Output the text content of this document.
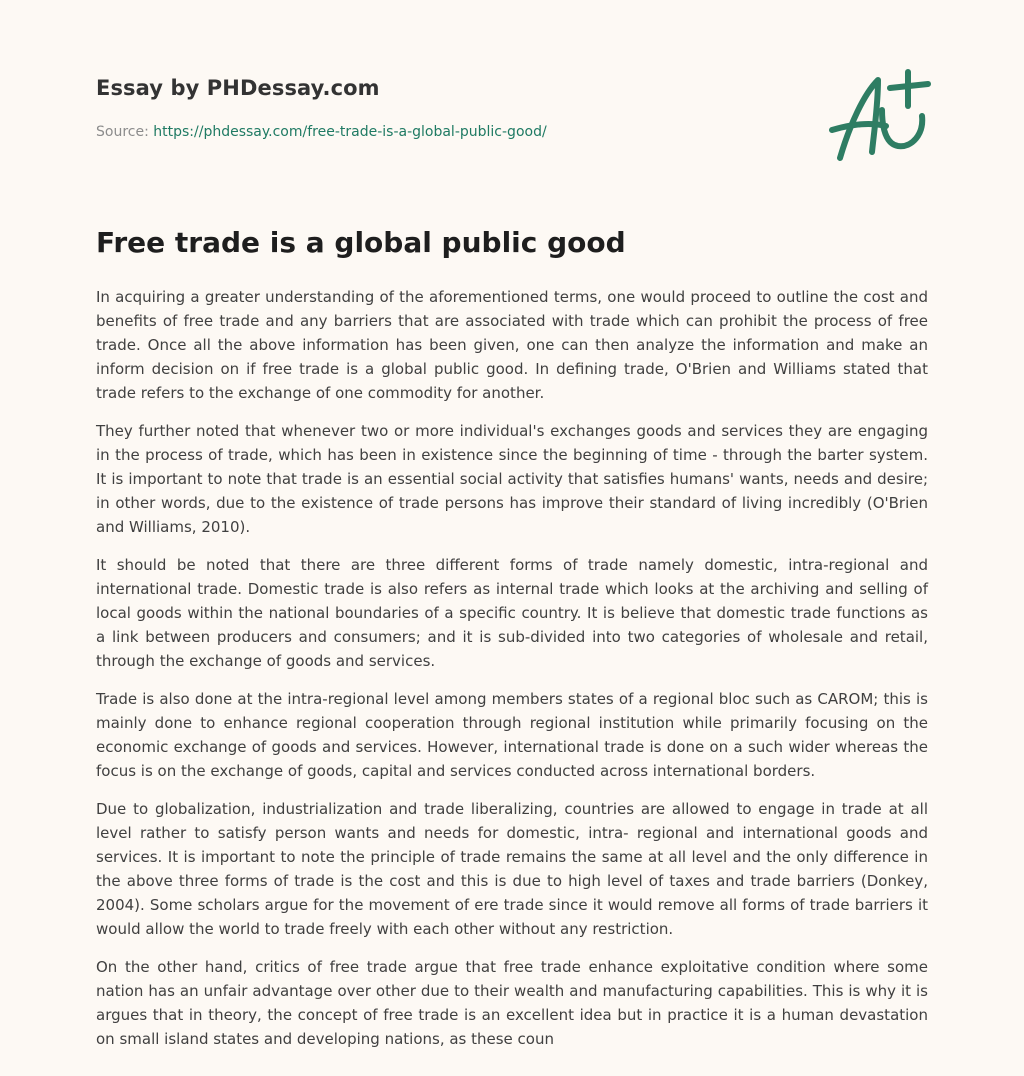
Essay by PHDessay.com
Source: https://phdessay.com/free-trade-is-a-global-public-good/
Free trade is a global public good

In acquiring a greater understanding of the aforementioned terms, one would proceed to outline the cost and benefits of free trade and any barriers that are associated with trade which can prohibit the process of free trade. Once all the above information has been given, one can then analyze the information and make an inform decision on if free trade is a global public good. In defining trade, O'Brien and Williams stated that trade refers to the exchange of one commodity for another.

They further noted that whenever two or more individual's exchanges goods and services they are engaging in the process of trade, which has been in existence since the beginning of time - through the barter system. It is important to note that trade is an essential social activity that satisfies humans' wants, needs and desire; in other words, due to the existence of trade persons has improve their standard of living incredibly (O'Brien and Williams, 2010).

It should be noted that there are three different forms of trade namely domestic, intra-regional and international trade. Domestic trade is also refers as internal trade which looks at the archiving and selling of local goods within the national boundaries of a specific country. It is believe that domestic trade functions as a link between producers and consumers; and it is sub-divided into two categories of wholesale and retail, through the exchange of goods and services.

Trade is also done at the intra-regional level among members states of a regional bloc such as CAROM; this is mainly done to enhance regional cooperation through regional institution while primarily focusing on the economic exchange of goods and services. However, international trade is done on a such wider whereas the focus is on the exchange of goods, capital and services conducted across international borders.

Due to globalization, industrialization and trade liberalizing, countries are allowed to engage in trade at all level rather to satisfy person wants and needs for domestic, intra- regional and international goods and services. It is important to note the principle of trade remains the same at all level and the only difference in the above three forms of trade is the cost and this is due to high level of taxes and trade barriers (Donkey, 2004). Some scholars argue for the movement of ere trade since it would remove all forms of trade barriers it would allow the world to trade freely with each other without any restriction.

On the other hand, critics of free trade argue that free trade enhance exploitative condition where some nation has an unfair advantage over other due to their wealth and manufacturing capabilities. This is why it is argues that in theory, the concept of free trade is an excellent idea but in practice it is a human devastation on small island states and developing nations, as these coun
